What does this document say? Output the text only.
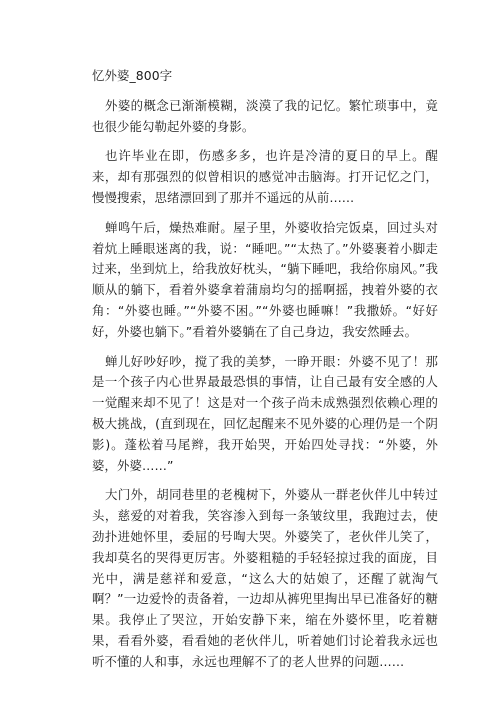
忆外婆_800字

外婆的概念已渐渐模糊，淡漠了我的记忆。繁忙琐事中，竟也很少能勾勒起外婆的身影。

也许毕业在即，伤感多多，也许是冷清的夏日的早上。醒来，却有那强烈的似曾相识的感觉冲击脑海。打开记忆之门，慢慢搜索，思绪漂回到了那并不遥远的从前……

蝉鸣午后，燥热难耐。屋子里，外婆收拾完饭桌，回过头对着炕上睡眼迷离的我，说：“睡吧。”“太热了。”外婆裹着小脚走过来，坐到炕上，给我放好枕头，“躺下睡吧，我给你扇风。”我顺从的躺下，看着外婆拿着蒲扇均匀的摇啊摇，拽着外婆的衣角：“外婆也睡。”“外婆不困。”“外婆也睡嘛！”我撒娇。“好好好，外婆也躺下。”看着外婆躺在了自己身边，我安然睡去。

蝉儿好吵好吵，搅了我的美梦，一睁开眼：外婆不见了！那是一个孩子内心世界最最恐惧的事情，让自己最有安全感的人一觉醒来却不见了！这是对一个孩子尚未成熟强烈依赖心理的极大挑战，(直到现在，回忆起醒来不见外婆的心理仍是一个阴影)。蓬松着马尾辫，我开始哭，开始四处寻找：“外婆，外婆，外婆……”

大门外，胡同巷里的老槐树下，外婆从一群老伙伴儿中转过头，慈爱的对着我，笑容渗入到每一条皱纹里，我跑过去，使劲扑进她怀里，委屈的号啕大哭。外婆笑了，老伙伴儿笑了，我却莫名的哭得更厉害。外婆粗糙的手轻轻掠过我的面庞，目光中，满是慈祥和爱意，“这么大的姑娘了，还醒了就淘气啊？”一边爱怜的责备着，一边却从裤兜里掏出早已准备好的糖果。我停止了哭泣，开始安静下来，缩在外婆怀里，吃着糖果，看看外婆，看看她的老伙伴儿，听着她们讨论着我永远也听不懂的人和事，永远也理解不了的老人世界的问题……
